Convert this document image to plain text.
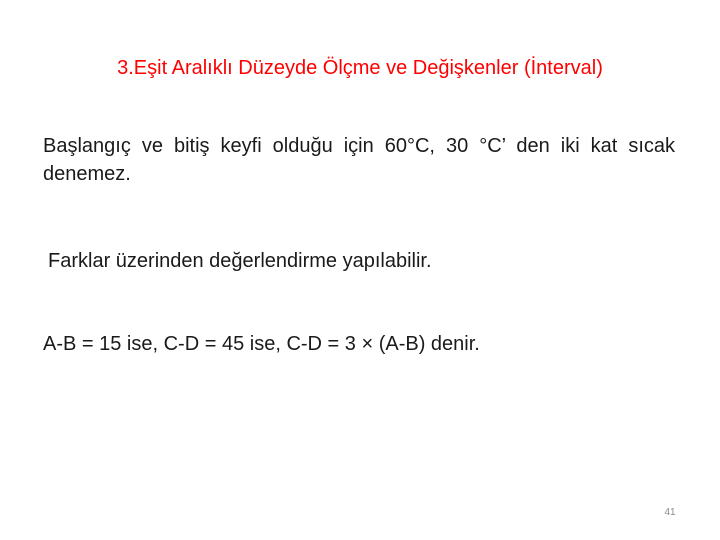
3.Eşit Aralıklı Düzeyde Ölçme ve Değişkenler (İnterval)
Başlangıç ve bitiş keyfi olduğu için 60°C, 30 °C’ den iki kat sıcak denemez.
Farklar üzerinden değerlendirme yapılabilir.
A-B = 15 ise, C-D = 45 ise, C-D = 3 × (A-B) denir.
41
